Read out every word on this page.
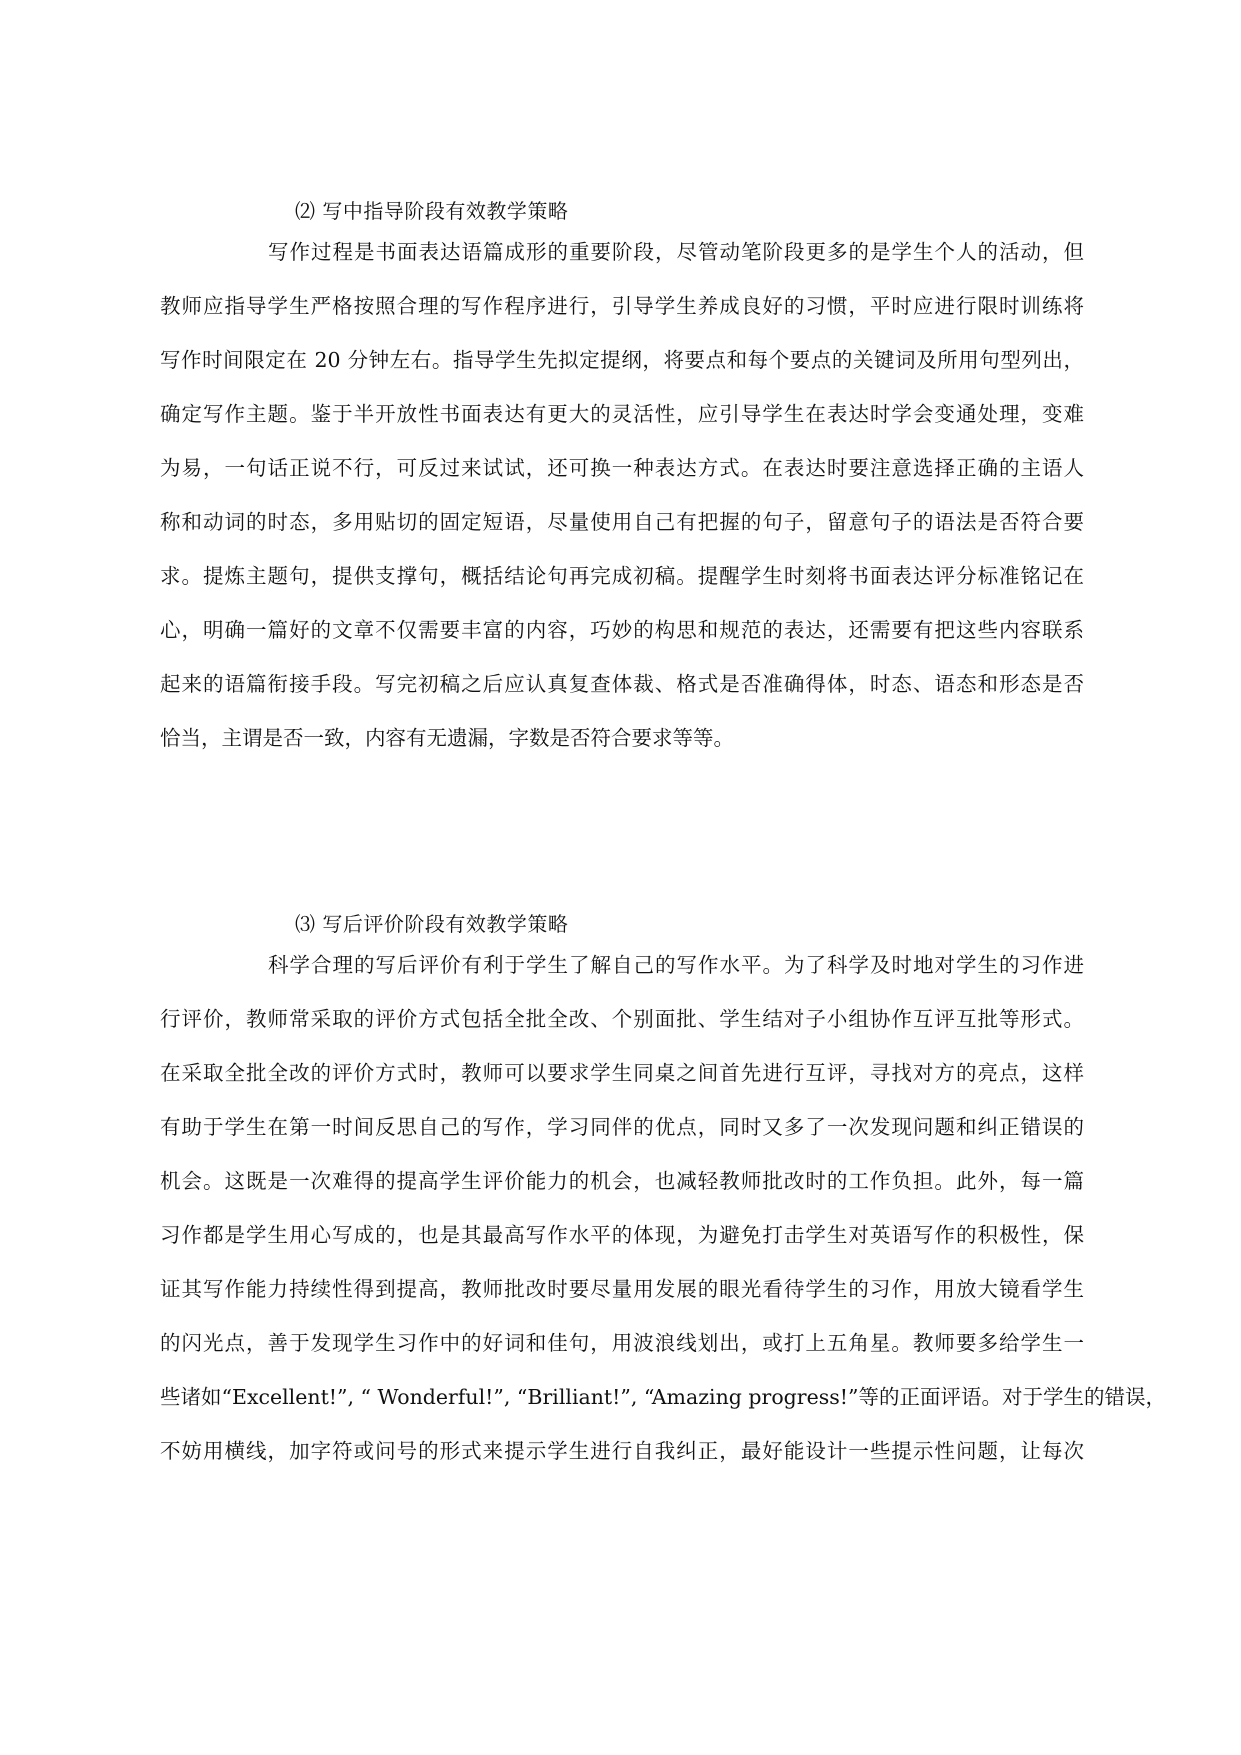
⑵ 写中指导阶段有效教学策略
写作过程是书面表达语篇成形的重要阶段，尽管动笔阶段更多的是学生个人的活动，但
教师应指导学生严格按照合理的写作程序进行，引导学生养成良好的习惯，平时应进行限时训练将
写作时间限定在 20 分钟左右。指导学生先拟定提纲，将要点和每个要点的关键词及所用句型列出，
确定写作主题。鉴于半开放性书面表达有更大的灵活性，应引导学生在表达时学会变通处理，变难
为易，一句话正说不行，可反过来试试，还可换一种表达方式。在表达时要注意选择正确的主语人
称和动词的时态，多用贴切的固定短语，尽量使用自己有把握的句子，留意句子的语法是否符合要
求。提炼主题句，提供支撑句，概括结论句再完成初稿。提醒学生时刻将书面表达评分标准铭记在
心，明确一篇好的文章不仅需要丰富的内容，巧妙的构思和规范的表达，还需要有把这些内容联系
起来的语篇衔接手段。写完初稿之后应认真复查体裁、格式是否准确得体，时态、语态和形态是否
恰当，主谓是否一致，内容有无遗漏，字数是否符合要求等等。
⑶ 写后评价阶段有效教学策略
科学合理的写后评价有利于学生了解自己的写作水平。为了科学及时地对学生的习作进
行评价，教师常采取的评价方式包括全批全改、个别面批、学生结对子小组协作互评互批等形式。
在采取全批全改的评价方式时，教师可以要求学生同桌之间首先进行互评，寻找对方的亮点，这样
有助于学生在第一时间反思自己的写作，学习同伴的优点，同时又多了一次发现问题和纠正错误的
机会。这既是一次难得的提高学生评价能力的机会，也减轻教师批改时的工作负担。此外，每一篇
习作都是学生用心写成的，也是其最高写作水平的体现，为避免打击学生对英语写作的积极性，保
证其写作能力持续性得到提高，教师批改时要尽量用发展的眼光看待学生的习作，用放大镜看学生
的闪光点，善于发现学生习作中的好词和佳句，用波浪线划出，或打上五角星。教师要多给学生一
些诸如“Excellent!”, “ Wonderful!”, “Brilliant!”, “Amazing progress!”等的正面评语。对于学生的错误，
不妨用横线，加字符或问号的形式来提示学生进行自我纠正，最好能设计一些提示性问题，让每次
